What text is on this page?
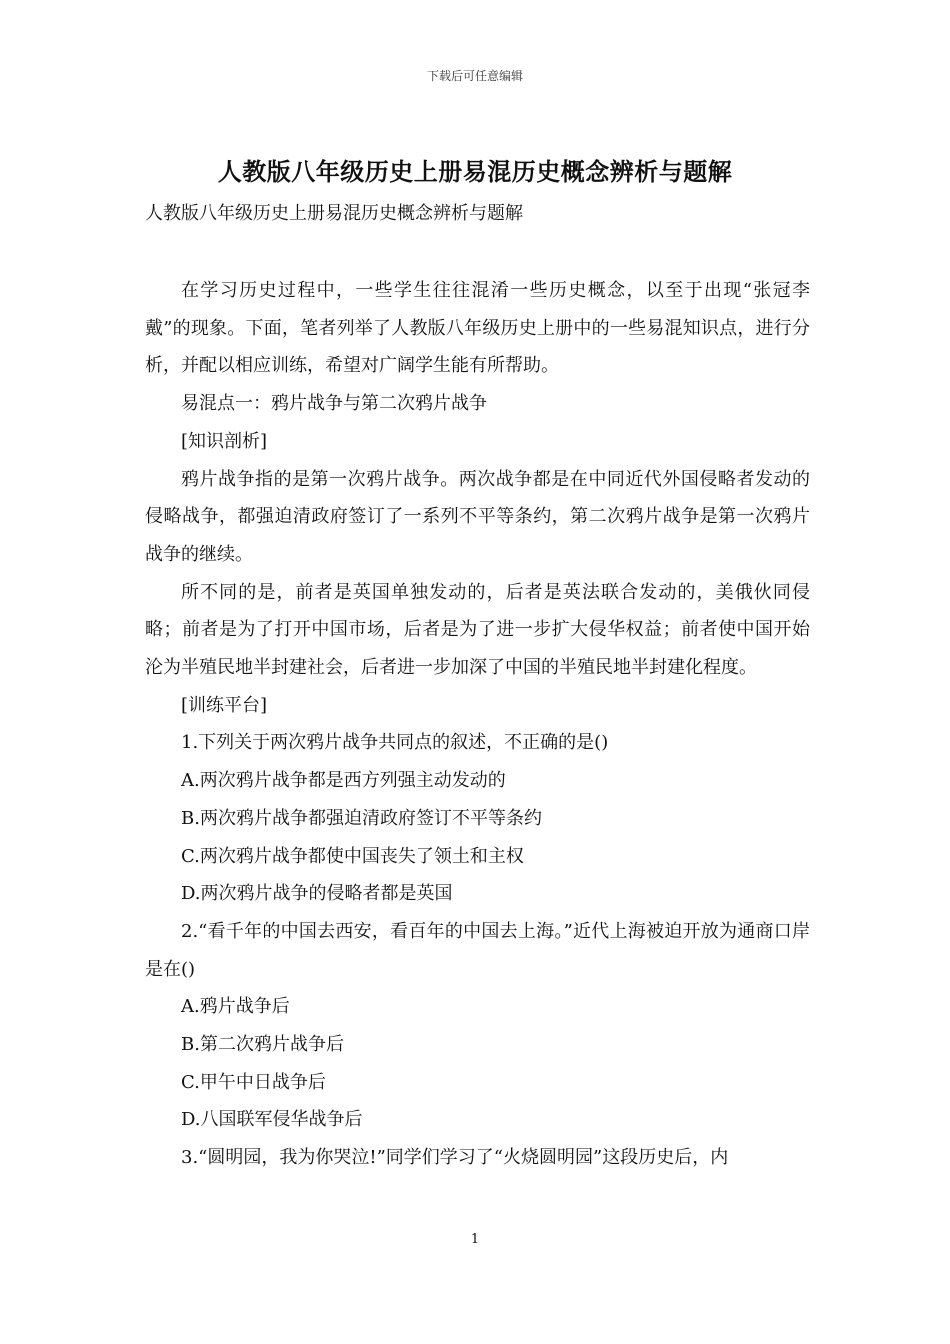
下载后可任意编辑
人教版八年级历史上册易混历史概念辨析与题解
人教版八年级历史上册易混历史概念辨析与题解

在学习历史过程中，一些学生往往混淆一些历史概念，以至于出现“张冠李戴”的现象。下面，笔者列举了人教版八年级历史上册中的一些易混知识点，进行分析，并配以相应训练，希望对广阔学生能有所帮助。

易混点一：鸦片战争与第二次鸦片战争

[知识剖析]

鸦片战争指的是第一次鸦片战争。两次战争都是在中同近代外国侵略者发动的侵略战争，都强迫清政府签订了一系列不平等条约，第二次鸦片战争是第一次鸦片战争的继续。

所不同的是，前者是英国单独发动的，后者是英法联合发动的，美俄伙同侵略；前者是为了打开中国市场，后者是为了进一步扩大侵华权益；前者使中国开始沦为半殖民地半封建社会，后者进一步加深了中国的半殖民地半封建化程度。

[训练平台]

1.下列关于两次鸦片战争共同点的叙述，不正确的是()

A.两次鸦片战争都是西方列强主动发动的

B.两次鸦片战争都强迫清政府签订不平等条约

C.两次鸦片战争都使中国丧失了领土和主权

D.两次鸦片战争的侵略者都是英国

2.“看千年的中国去西安，看百年的中国去上海。”近代上海被迫开放为通商口岸是在()

A.鸦片战争后

B.第二次鸦片战争后

C.甲午中日战争后

D.八国联军侵华战争后

3.“圆明园，我为你哭泣!”同学们学习了“火烧圆明园”这段历史后，内

1
